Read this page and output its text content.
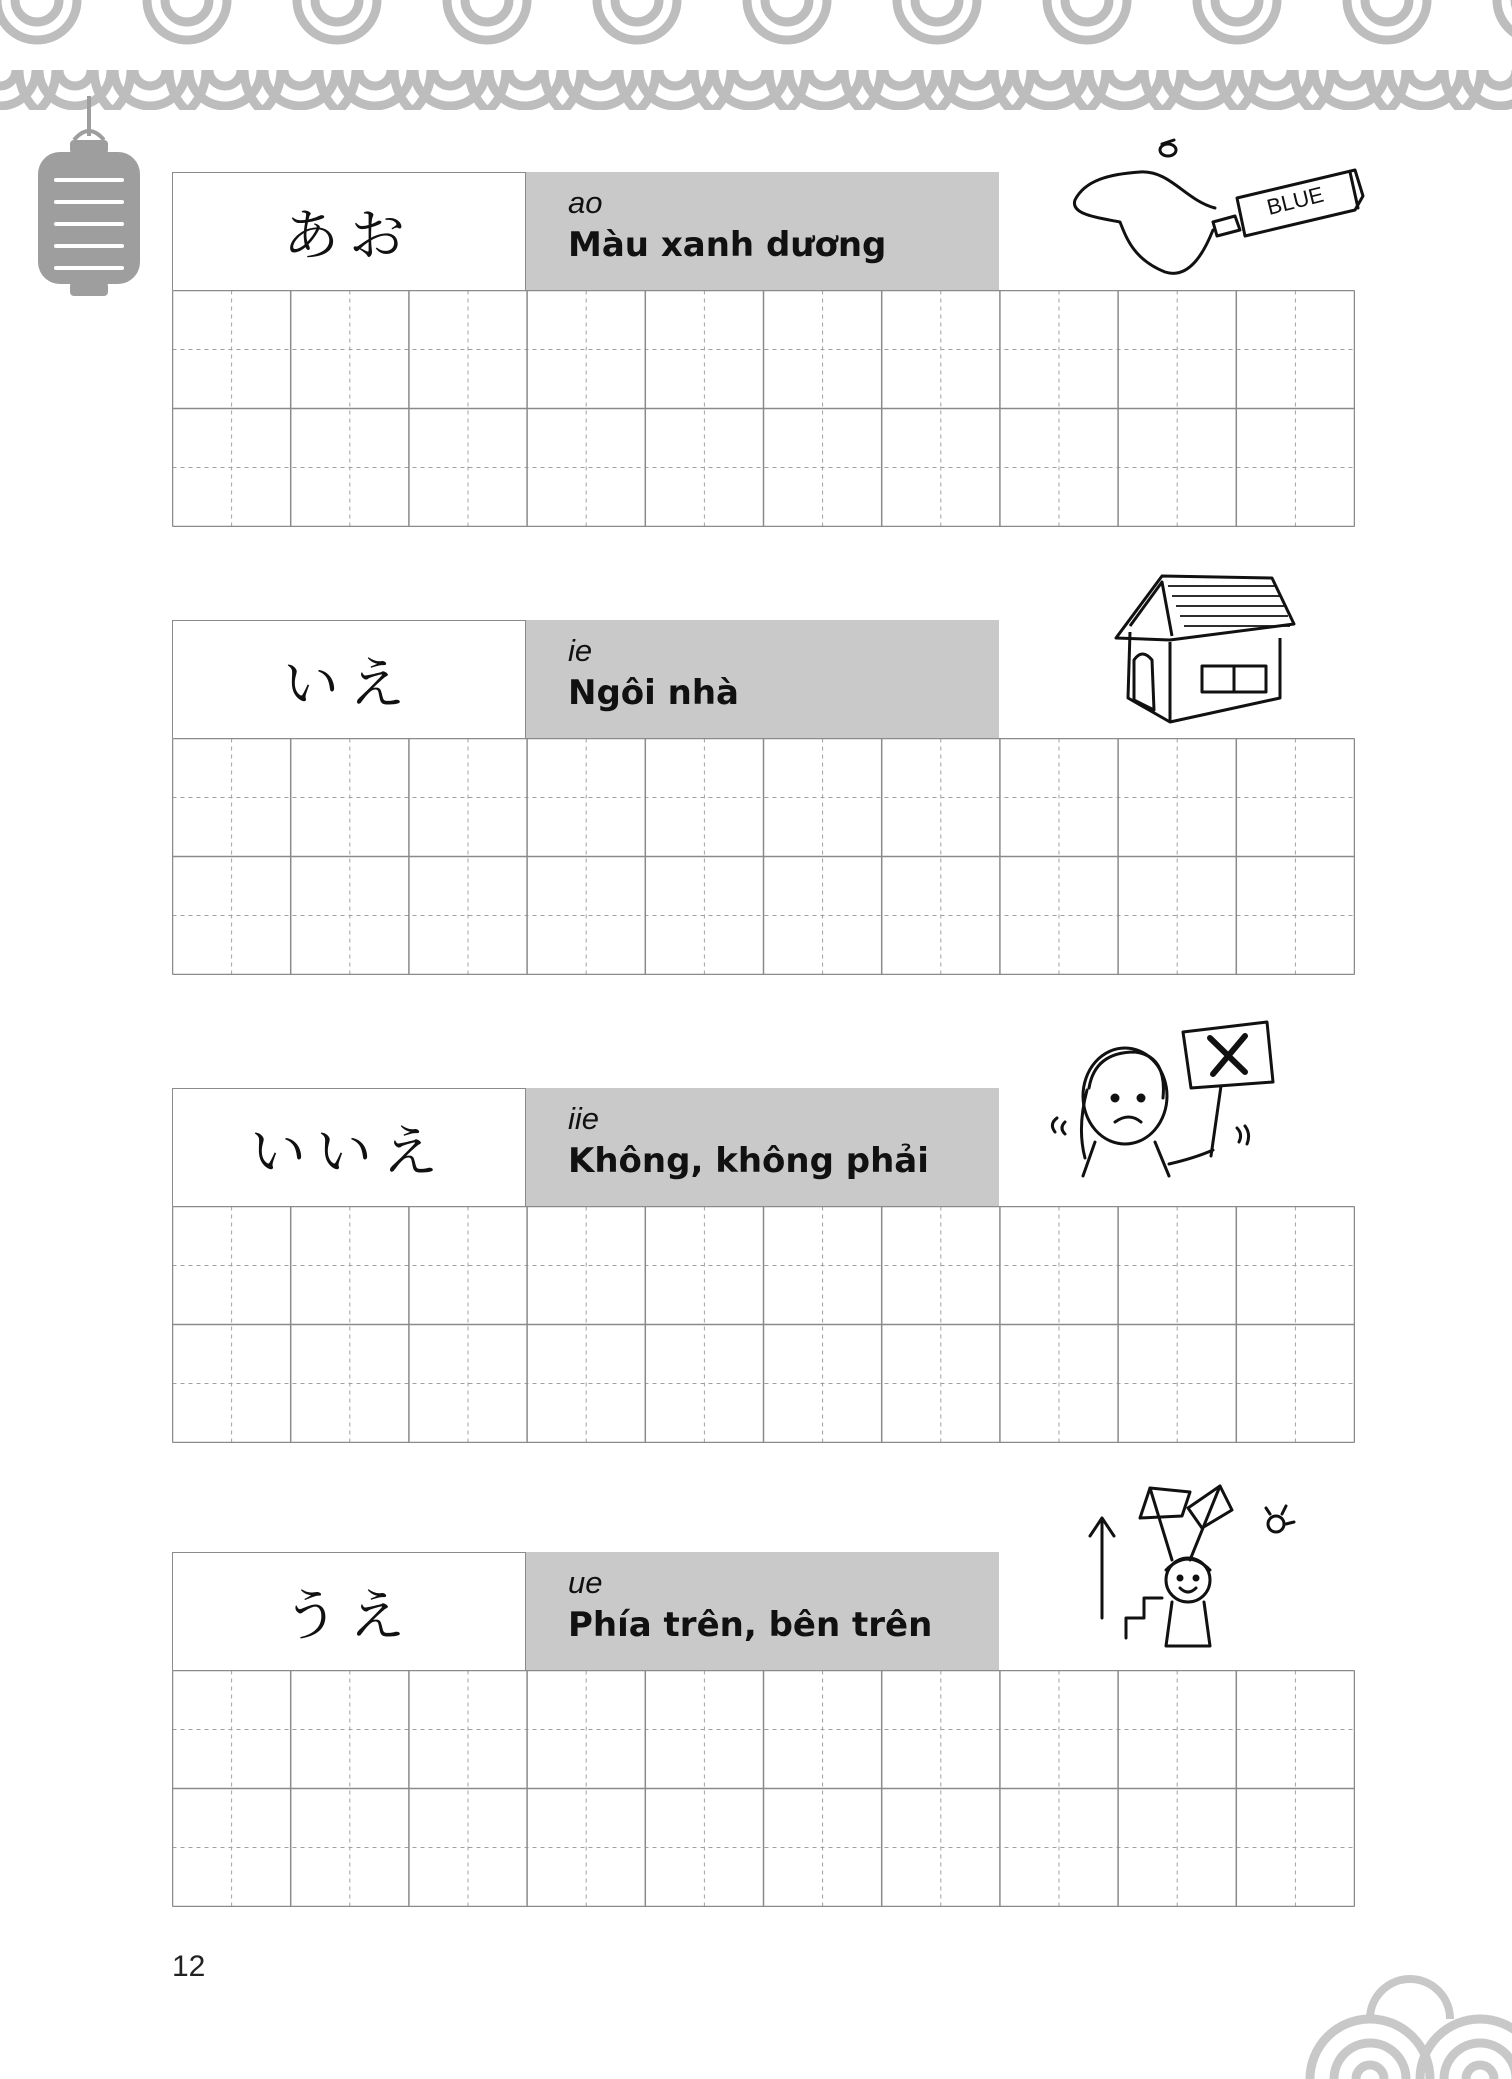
あお
ao
Màu xanh dương
いえ
ie
Ngôi nhà
いいえ
iie
Không, không phải
うえ
ue
Phía trên, bên trên
BLUE
12
